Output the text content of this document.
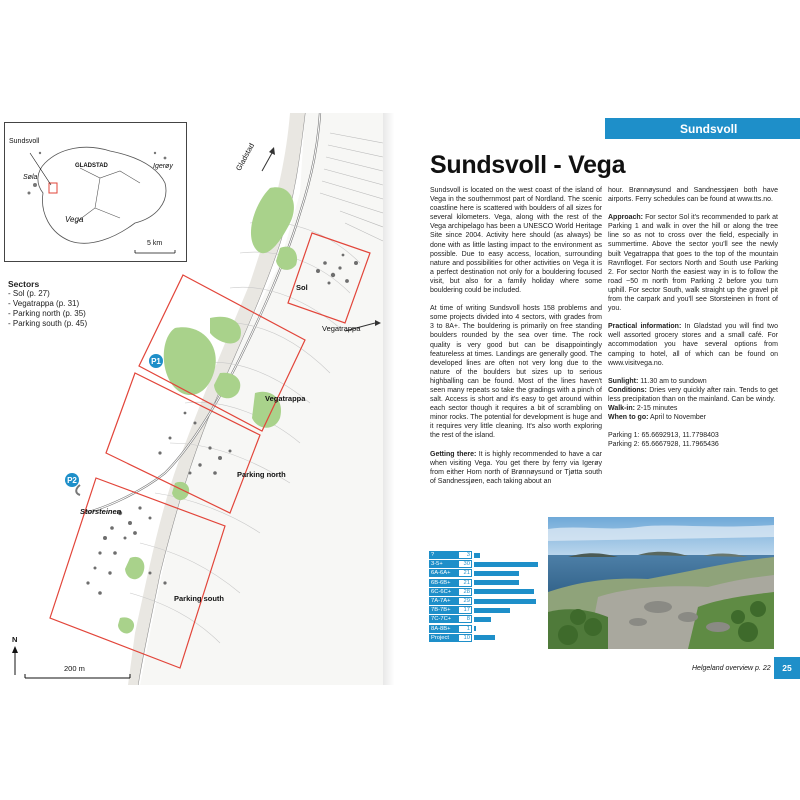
Sundsvoll
Søla
GLADSTAD	Igerøy
Vega
5 km
Sectors
- Sol (p. 27)
- Vegatrappa (p. 31)
- Parking north (p. 35)
- Parking south (p. 45)
Gladstad
Sol
Vegatrappa
Vegatrappa
Parking north
Storsteinen
Parking south
P1
P2
N
200 m
Sundsvoll
Sundsvoll - Vega

Sundsvoll is located on the west coast of the island of Vega in the southernmost part of Nordland. The scenic coastline here is scattered with boulders of all sizes for several kilometers. Vega, along with the rest of the Vega archipelago has been a UNESCO World Heritage Site since 2004. Activity here should (as always) be done with as little lasting impact to the environment as possible. Due to easy access, location, surrounding nature and possibilities for other activities on Vega it is a perfect destination not only for a bouldering focused visit, but also for a family holiday where some bouldering could be included.

At time of writing Sundsvoll hosts 158 problems and some projects divided into 4 sectors, with grades from 3 to 8A+. The bouldering is primarily on free standing boulders rounded by the sea over time. The rock quality is very good but can be disappointingly featureless at times. Landings are generally good. The developed lines are often not very long due to the nature of the boulders but sizes up to serious highballing can be found. Most of the lines haven't seen many repeats so take the gradings with a pinch of salt. Access is short and it's easy to get around within each sector though it requires a bit of scrambling on minor rocks. The potential for development is huge and it requires very little cleaning. It's also worth exploring the rest of the island.

Getting there: It is highly recommended to have a car when visiting Vega. You get there by ferry via Igerøy from either Horn north of Brønnøysund or Tjøtta south of Sandnessjøen, each taking about an

hour. Brønnøysund and Sandnessjøen both have airports. Ferry schedules can be found at www.tts.no.

Approach: For sector Sol it's recommended to park at Parking 1 and walk in over the hill or along the tree line so as not to cross over the field, especially in summertime. Above the sector you'll see the newly built Vegatrappa that goes to the top of the mountain Ravnfloget. For sectors North and South use Parking 2. For sector North the easiest way in is to follow the road ~50 m north from Parking 2 before you turn uphill. For sector South, walk straight up the gravel pit from the carpark and you'll see Storsteinen in front of you.

Practical information: In Gladstad you will find two well assorted grocery stores and a small café. For accommodation you have several options from camping to hotel, all of which can be found on www.visitvega.no.

Sunlight: 11.30 am to sundown
Conditions: Dries very quickly after rain. Tends to get less precipitation than on the mainland. Can be windy.
Walk-in: 2-15 minutes
When to go: April to November

Parking 1: 65.6692913, 11.7798403
Parking 2: 65.6667928, 11.7965436

?	3
3-5+	30
6A-6A+	21
6B-6B+	21
6C-6C+	28
7A-7A+	29
7B-7B+	17
7C-7C+	8
8A-8B+	1
Project	10
Helgeland overview p. 22	25
